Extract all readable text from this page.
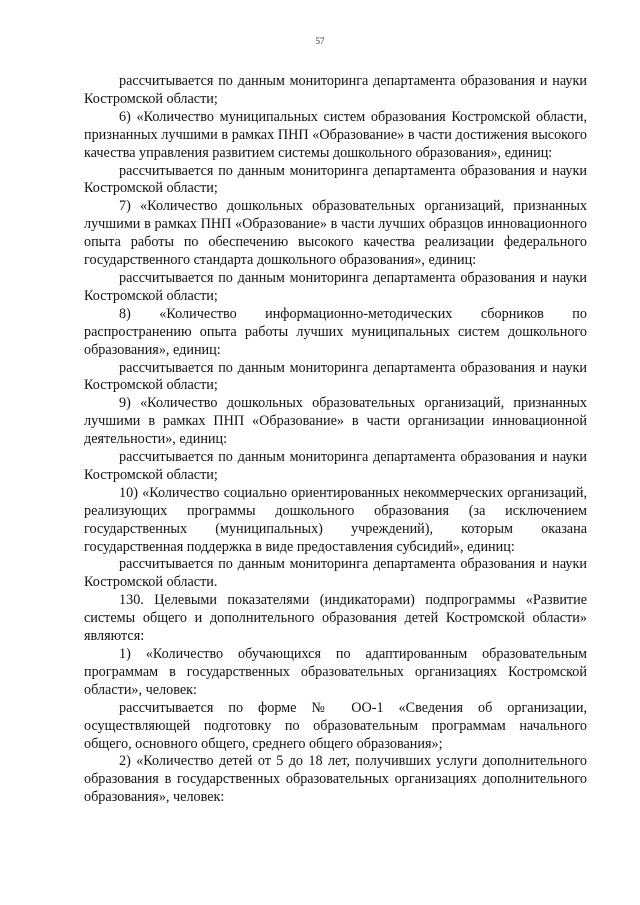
57

рассчитывается по данным мониторинга департамента образования и науки Костромской области;

6) «Количество муниципальных систем образования Костромской области, признанных лучшими в рамках ПНП «Образование» в части достижения высокого качества управления развитием системы дошкольного образования», единиц:

рассчитывается по данным мониторинга департамента образования и науки Костромской области;

7) «Количество дошкольных образовательных организаций, признанных лучшими в рамках ПНП «Образование» в части лучших образцов инновационного опыта работы по обеспечению высокого качества реализации федерального государственного стандарта дошкольного образования», единиц:

рассчитывается по данным мониторинга департамента образования и науки Костромской области;

8) «Количество информационно-методических сборников по распространению опыта работы лучших муниципальных систем дошкольного образования», единиц:

рассчитывается по данным мониторинга департамента образования и науки Костромской области;

9) «Количество дошкольных образовательных организаций, признанных лучшими в рамках ПНП «Образование» в части организации инновационной деятельности», единиц:

рассчитывается по данным мониторинга департамента образования и науки Костромской области;

10) «Количество социально ориентированных некоммерческих организаций, реализующих программы дошкольного образования (за исключением государственных (муниципальных) учреждений), которым оказана государственная поддержка в виде предоставления субсидий», единиц:

рассчитывается по данным мониторинга департамента образования и науки Костромской области.

130. Целевыми показателями (индикаторами) подпрограммы «Развитие системы общего и дополнительного образования детей Костромской области» являются:

1) «Количество обучающихся по адаптированным образовательным программам в государственных образовательных организациях Костромской области», человек:

рассчитывается по форме № ОО-1 «Сведения об организации, осуществляющей подготовку по образовательным программам начального общего, основного общего, среднего общего образования»;

2) «Количество детей от 5 до 18 лет, получивших услуги дополнительного образования в государственных образовательных организациях дополнительного образования», человек:
